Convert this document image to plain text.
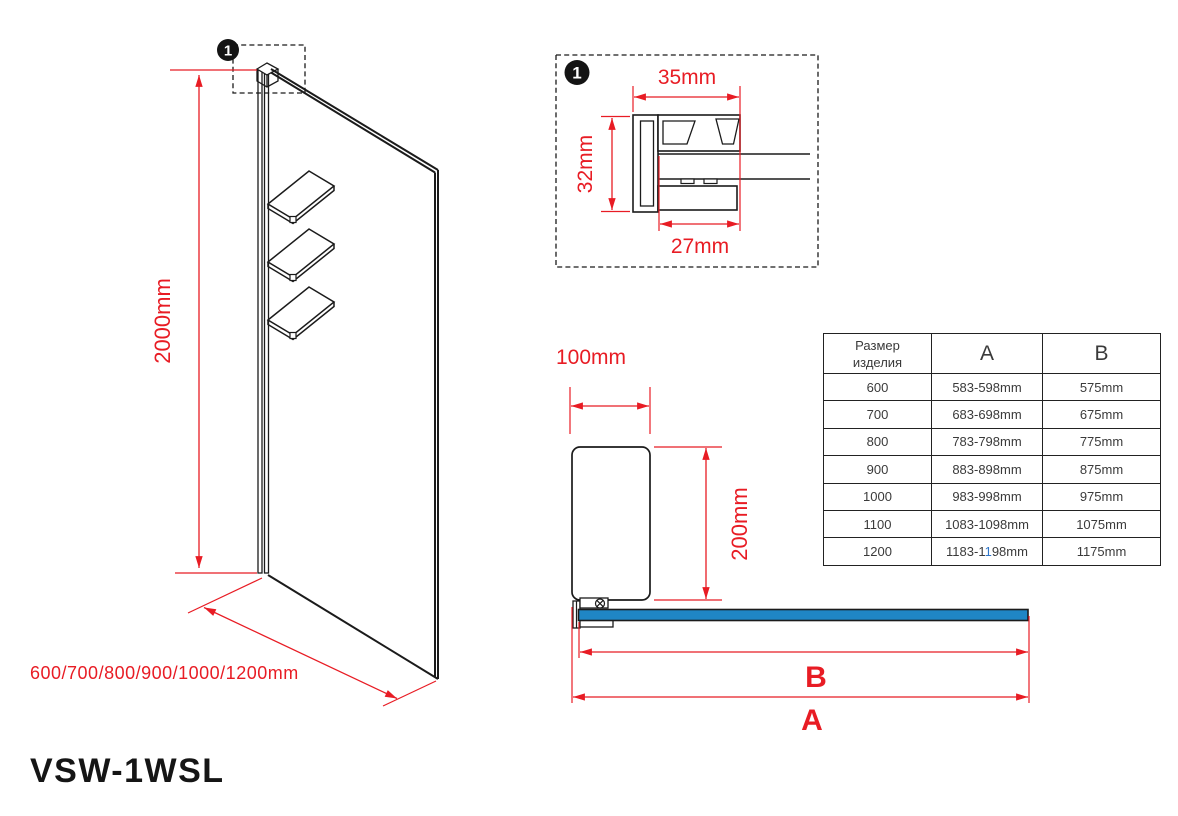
1
2000mm
600/700/800/900/1000/1200mm
1	35mm
32mm
27mm
100mm
200mm
B
A
Размер
изделия	A	B
600	583-598mm	575mm
700	683-698mm	675mm
800	783-798mm	775mm
900	883-898mm	875mm
1000	983-998mm	975mm
1100	1083-1098mm	1075mm
1200	1183-1198mm	1175mm
VSW-1WSL
